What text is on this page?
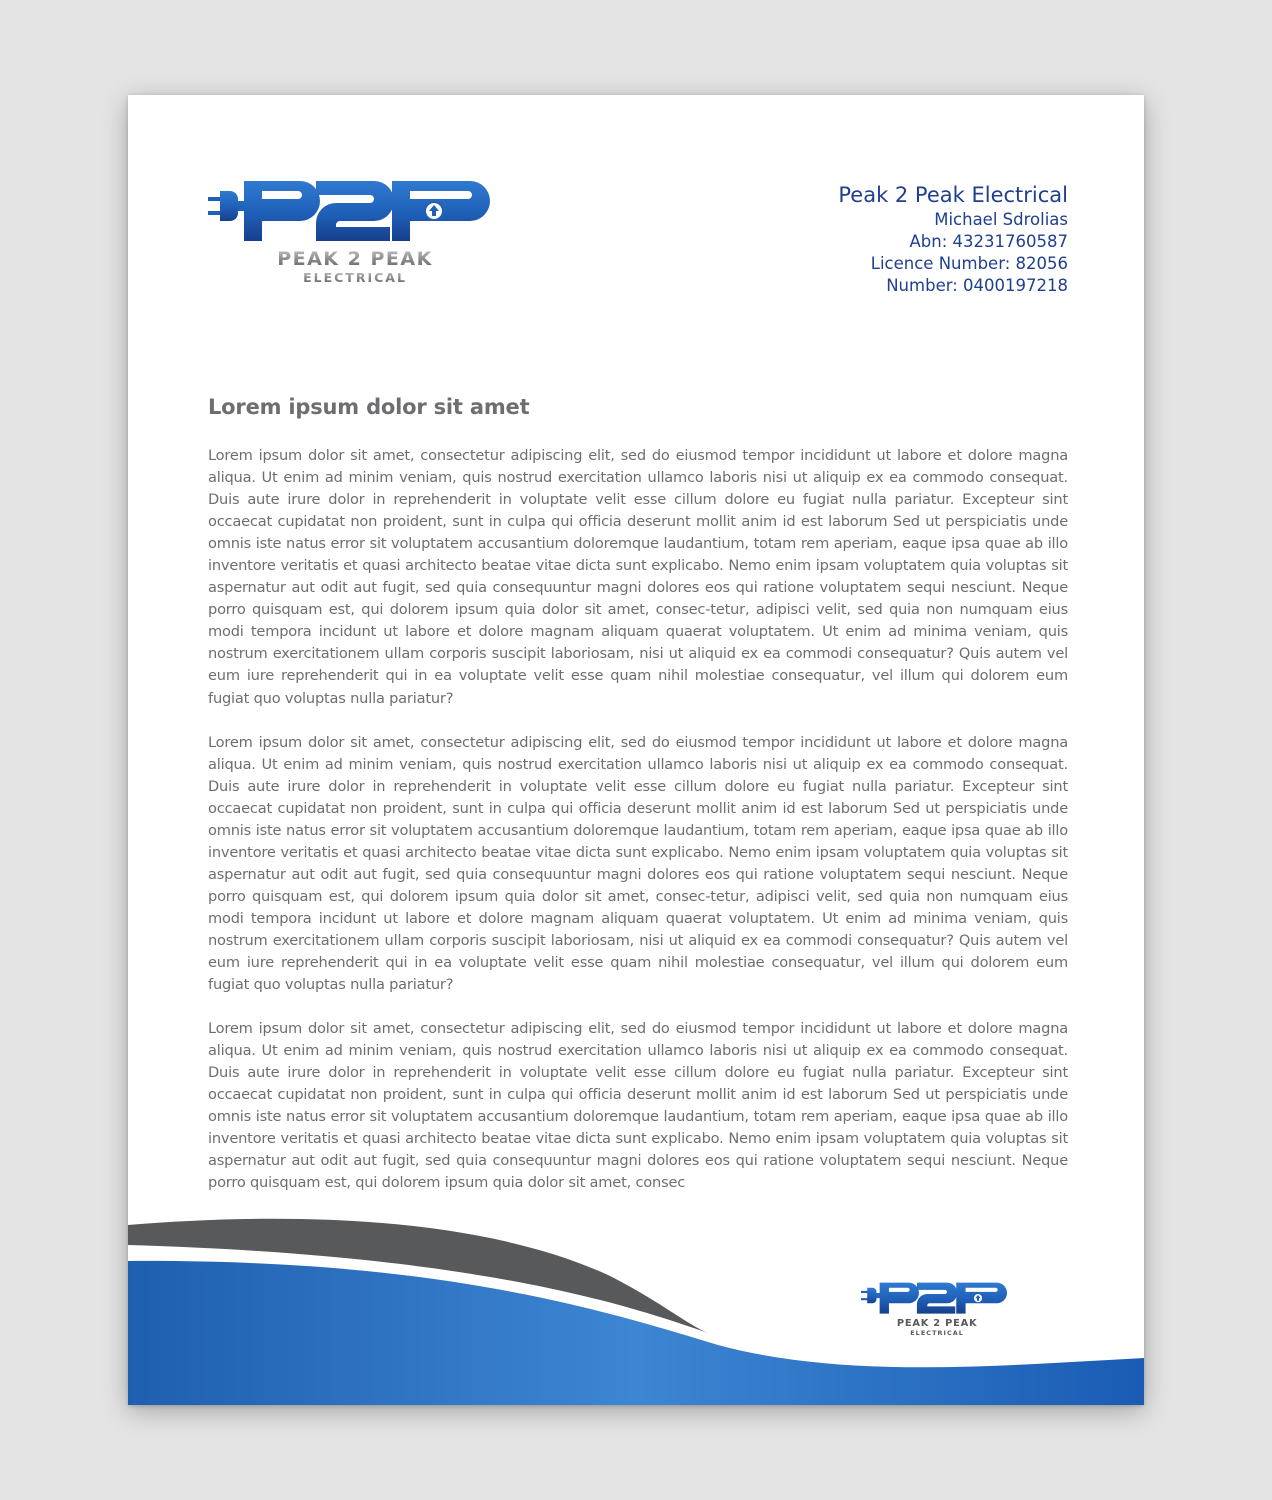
PEAK 2 PEAK
ELECTRICAL
Peak 2 Peak Electrical
Michael Sdrolias
Abn: 43231760587
Licence Number: 82056
Number: 0400197218
Lorem ipsum dolor sit amet

Lorem ipsum dolor sit amet, consectetur adipiscing elit, sed do eiusmod tempor incididunt ut labore et dolore magna aliqua. Ut enim ad minim veniam, quis nostrud exercitation ullamco laboris nisi ut aliquip ex ea commodo consequat. Duis aute irure dolor in reprehenderit in voluptate velit esse cillum dolore eu fugiat nulla pariatur. Excepteur sint occaecat cupidatat non proident, sunt in culpa qui officia deserunt mollit anim id est laborum Sed ut perspiciatis unde omnis iste natus error sit voluptatem accusantium doloremque laudantium, totam rem aperiam, eaque ipsa quae ab illo inventore veritatis et quasi architecto beatae vitae dicta sunt explicabo. Nemo enim ipsam voluptatem quia voluptas sit aspernatur aut odit aut fugit, sed quia consequuntur magni dolores eos qui ratione voluptatem sequi nesciunt. Neque porro quisquam est, qui dolorem ipsum quia dolor sit amet, consec-tetur, adipisci velit, sed quia non numquam eius modi tempora incidunt ut labore et dolore magnam aliquam quaerat voluptatem. Ut enim ad minima veniam, quis nostrum exercitationem ullam corporis suscipit laboriosam, nisi ut aliquid ex ea commodi consequatur? Quis autem vel eum iure reprehenderit qui in ea voluptate velit esse quam nihil molestiae consequatur, vel illum qui dolorem eum fugiat quo voluptas nulla pariatur?

Lorem ipsum dolor sit amet, consectetur adipiscing elit, sed do eiusmod tempor incididunt ut labore et dolore magna aliqua. Ut enim ad minim veniam, quis nostrud exercitation ullamco laboris nisi ut aliquip ex ea commodo consequat. Duis aute irure dolor in reprehenderit in voluptate velit esse cillum dolore eu fugiat nulla pariatur. Excepteur sint occaecat cupidatat non proident, sunt in culpa qui officia deserunt mollit anim id est laborum Sed ut perspiciatis unde omnis iste natus error sit voluptatem accusantium doloremque laudantium, totam rem aperiam, eaque ipsa quae ab illo inventore veritatis et quasi architecto beatae vitae dicta sunt explicabo. Nemo enim ipsam voluptatem quia voluptas sit aspernatur aut odit aut fugit, sed quia consequuntur magni dolores eos qui ratione voluptatem sequi nesciunt. Neque porro quisquam est, qui dolorem ipsum quia dolor sit amet, consec-tetur, adipisci velit, sed quia non numquam eius modi tempora incidunt ut labore et dolore magnam aliquam quaerat voluptatem. Ut enim ad minima veniam, quis nostrum exercitationem ullam corporis suscipit laboriosam, nisi ut aliquid ex ea commodi consequatur? Quis autem vel eum iure reprehenderit qui in ea voluptate velit esse quam nihil molestiae consequatur, vel illum qui dolorem eum fugiat quo voluptas nulla pariatur?

Lorem ipsum dolor sit amet, consectetur adipiscing elit, sed do eiusmod tempor incididunt ut labore et dolore magna aliqua. Ut enim ad minim veniam, quis nostrud exercitation ullamco laboris nisi ut aliquip ex ea commodo consequat. Duis aute irure dolor in reprehenderit in voluptate velit esse cillum dolore eu fugiat nulla pariatur. Excepteur sint occaecat cupidatat non proident, sunt in culpa qui officia deserunt mollit anim id est laborum Sed ut perspiciatis unde omnis iste natus error sit voluptatem accusantium doloremque laudantium, totam rem aperiam, eaque ipsa quae ab illo inventore veritatis et quasi architecto beatae vitae dicta sunt explicabo. Nemo enim ipsam voluptatem quia voluptas sit aspernatur aut odit aut fugit, sed quia consequuntur magni dolores eos qui ratione voluptatem sequi nesciunt. Neque porro quisquam est, qui dolorem ipsum quia dolor sit amet, consec

PEAK 2 PEAK
ELECTRICAL
